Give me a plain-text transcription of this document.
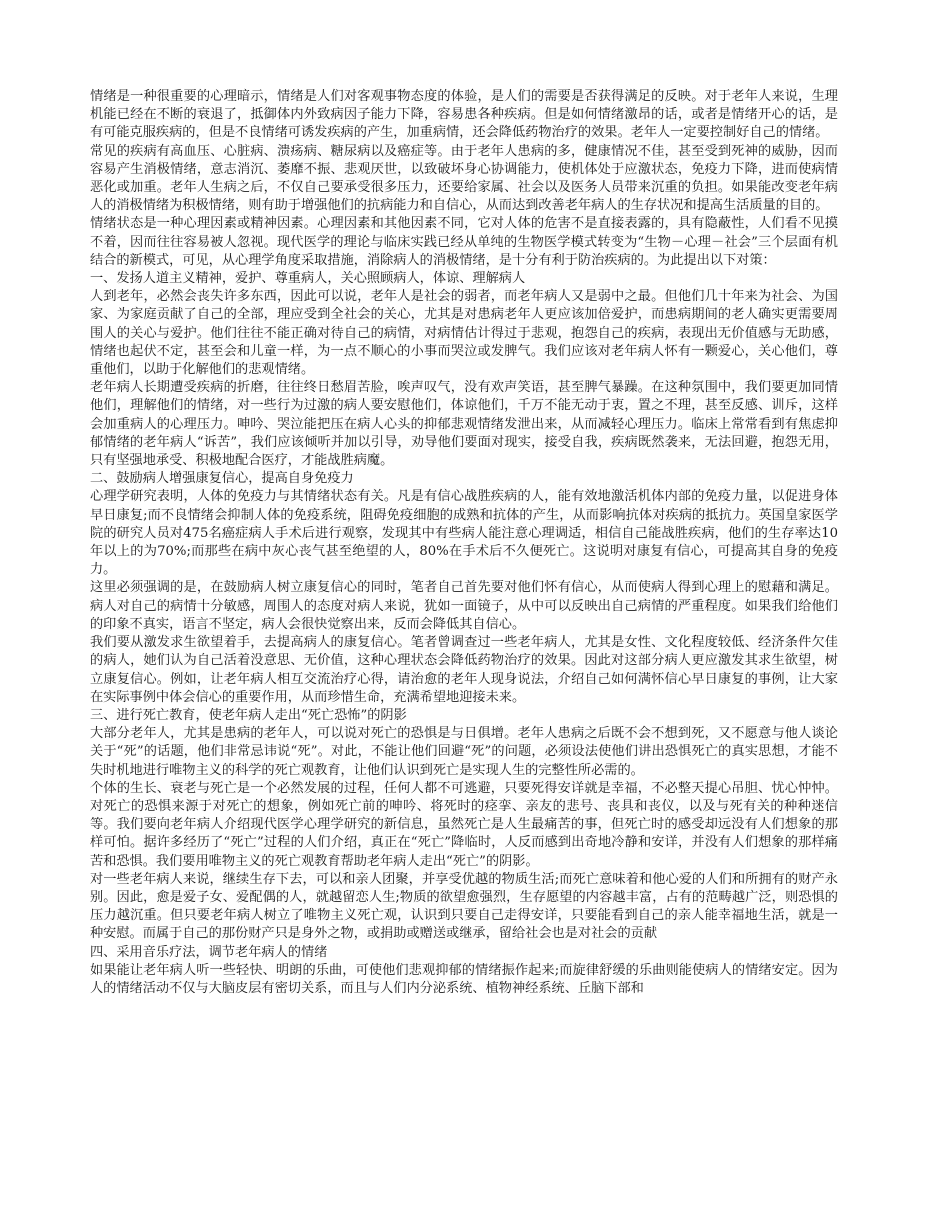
情绪是一种很重要的心理暗示，情绪是人们对客观事物态度的体验，是人们的需要是否获得满足的反映。对于老年人来说，生理机能已经在不断的衰退了，抵御体内外致病因子能力下降，容易患各种疾病。但是如何情绪激昂的话，或者是情绪开心的话，是有可能克服疾病的，但是不良情绪可诱发疾病的产生，加重病情，还会降低药物治疗的效果。老年人一定要控制好自己的情绪。

常见的疾病有高血压、心脏病、溃疡病、糖尿病以及癌症等。由于老年人患病的多，健康情况不佳，甚至受到死神的威胁，因而容易产生消极情绪，意志消沉、萎靡不振、悲观厌世，以致破坏身心协调能力，使机体处于应激状态，免疫力下降，进而使病情恶化或加重。老年人生病之后，不仅自己要承受很多压力，还要给家属、社会以及医务人员带来沉重的负担。如果能改变老年病人的消极情绪为积极情绪，则有助于增强他们的抗病能力和自信心，从而达到改善老年病人的生存状况和提高生活质量的目的。

情绪状态是一种心理因素或精神因素。心理因素和其他因素不同，它对人体的危害不是直接表露的，具有隐蔽性，人们看不见摸不着，因而往往容易被人忽视。现代医学的理论与临床实践已经从单纯的生物医学模式转变为“生物－心理－社会”三个层面有机结合的新模式，可见，从心理学角度采取措施，消除病人的消极情绪，是十分有利于防治疾病的。为此提出以下对策：

一、发扬人道主义精神，爱护、尊重病人，关心照顾病人，体谅、理解病人

人到老年，必然会丧失许多东西，因此可以说，老年人是社会的弱者，而老年病人又是弱中之最。但他们几十年来为社会、为国家、为家庭贡献了自己的全部，理应受到全社会的关心，尤其是对患病老年人更应该加倍爱护，而患病期间的老人确实更需要周围人的关心与爱护。他们往往不能正确对待自己的病情，对病情估计得过于悲观，抱怨自己的疾病，表现出无价值感与无助感，情绪也起伏不定，甚至会和儿童一样，为一点不顺心的小事而哭泣或发脾气。我们应该对老年病人怀有一颗爱心，关心他们，尊重他们，以助于化解他们的悲观情绪。

老年病人长期遭受疾病的折磨，往往终日愁眉苦脸，唉声叹气，没有欢声笑语，甚至脾气暴躁。在这种氛围中，我们要更加同情他们，理解他们的情绪，对一些行为过激的病人要安慰他们，体谅他们，千万不能无动于衷，置之不理，甚至反感、训斥，这样会加重病人的心理压力。呻吟、哭泣能把压在病人心头的抑郁悲观情绪发泄出来，从而减轻心理压力。临床上常常看到有焦虑抑郁情绪的老年病人“诉苦”，我们应该倾听并加以引导，劝导他们要面对现实，接受自我，疾病既然袭来，无法回避，抱怨无用，只有坚强地承受、积极地配合医疗，才能战胜病魔。

二、鼓励病人增强康复信心，提高自身免疫力

心理学研究表明，人体的免疫力与其情绪状态有关。凡是有信心战胜疾病的人，能有效地激活机体内部的免疫力量，以促进身体早日康复;而不良情绪会抑制人体的免疫系统，阻碍免疫细胞的成熟和抗体的产生，从而影响抗体对疾病的抵抗力。英国皇家医学院的研究人员对475名癌症病人手术后进行观察，发现其中有些病人能注意心理调适，相信自己能战胜疾病，他们的生存率达10年以上的为70%;而那些在病中灰心丧气甚至绝望的人，80%在手术后不久便死亡。这说明对康复有信心，可提高其自身的免疫力。

这里必须强调的是，在鼓励病人树立康复信心的同时，笔者自己首先要对他们怀有信心，从而使病人得到心理上的慰藉和满足。病人对自己的病情十分敏感，周围人的态度对病人来说，犹如一面镜子，从中可以反映出自己病情的严重程度。如果我们给他们的印象不真实，语言不坚定，病人会很快觉察出来，反而会降低其自信心。

我们要从激发求生欲望着手，去提高病人的康复信心。笔者曾调查过一些老年病人，尤其是女性、文化程度较低、经济条件欠佳的病人，她们认为自己活着没意思、无价值，这种心理状态会降低药物治疗的效果。因此对这部分病人更应激发其求生欲望，树立康复信心。例如，让老年病人相互交流治疗心得，请治愈的老年人现身说法，介绍自己如何满怀信心早日康复的事例，让大家在实际事例中体会信心的重要作用，从而珍惜生命，充满希望地迎接未来。

三、进行死亡教育，使老年病人走出“死亡恐怖”的阴影

大部分老年人，尤其是患病的老年人，可以说对死亡的恐惧是与日俱增。老年人患病之后既不会不想到死，又不愿意与他人谈论关于“死”的话题，他们非常忌讳说“死”。对此，不能让他们回避“死”的问题，必须设法使他们讲出恐惧死亡的真实思想，才能不失时机地进行唯物主义的科学的死亡观教育，让他们认识到死亡是实现人生的完整性所必需的。

个体的生长、衰老与死亡是一个必然发展的过程，任何人都不可逃避，只要死得安详就是幸福，不必整天提心吊胆、忧心忡忡。对死亡的恐惧来源于对死亡的想象，例如死亡前的呻吟、将死时的痉挛、亲友的悲号、丧具和丧仪，以及与死有关的种种迷信等。我们要向老年病人介绍现代医学心理学研究的新信息，虽然死亡是人生最痛苦的事，但死亡时的感受却远没有人们想象的那样可怕。据许多经历了“死亡”过程的人们介绍，真正在“死亡”降临时，人反而感到出奇地冷静和安详，并没有人们想象的那样痛苦和恐惧。我们要用唯物主义的死亡观教育帮助老年病人走出“死亡”的阴影。

对一些老年病人来说，继续生存下去，可以和亲人团聚，并享受优越的物质生活;而死亡意味着和他心爱的人们和所拥有的财产永别。因此，愈是爱子女、爱配偶的人，就越留恋人生;物质的欲望愈强烈，生存愿望的内容越丰富，占有的范畴越广泛，则恐惧的压力越沉重。但只要老年病人树立了唯物主义死亡观，认识到只要自己走得安详，只要能看到自己的亲人能幸福地生活，就是一种安慰。而属于自己的那份财产只是身外之物，或捐助或赠送或继承，留给社会也是对社会的贡献

四、采用音乐疗法，调节老年病人的情绪

如果能让老年病人听一些轻快、明朗的乐曲，可使他们悲观抑郁的情绪振作起来;而旋律舒缓的乐曲则能使病人的情绪安定。因为人的情绪活动不仅与大脑皮层有密切关系，而且与人们内分泌系统、植物神经系统、丘脑下部和
